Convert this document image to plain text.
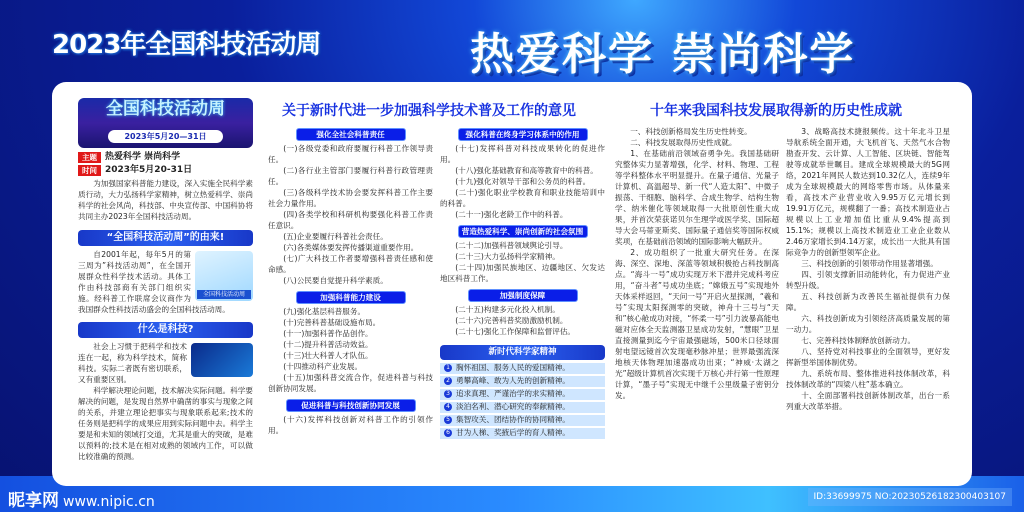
2023年全国科技活动周	热爱科学 崇尚科学
全国科技活动周
2023年5月20—31日
主题 热爱科学 崇尚科学
时间 2023年5月20-31日

为加强国家科普能力建设，深入实施全民科学素质行动，大力弘扬科学家精神，树立热爱科学、崇尚科学的社会风尚，科技部、中央宣传部、中国科协将共同主办2023年全国科技活动周。

“全国科技活动周”的由来!
全国科技活动周

自2001年起，每年5月的第三周为”科技活动周”，在全国开展群众性科学技术活动。具体工作由科技部商有关部门组织实施。经科普工作联席会议商作为我国群众性科技活动盛会的全国科技活动周。

什么是科技?

社会上习惯于把科学和技术连在一起，称为科学技术，简称科技。实际二者既有密切联系，又有重要区别。

科学解决理论问题，技术解决实际问题。科学要解决的问题，是发现自然界中确凿的事实与现象之间的关系，并建立理论把事实与现象联系起来;技术的任务则是把科学的成果应用到实际问题中去。科学主要是和未知的领域打交道，尤其是重大的突破，是难以预料的;技术是在相对成熟的领域内工作，可以做比较准确的预测。

关于新时代进一步加强科学技术普及工作的意见
强化全社会科普责任

(一)各级党委和政府要履行科普工作领导责任。

(二)各行业主管部门要履行科普行政管理责任。

(三)各级科学技术协会要发挥科普工作主要社会力量作用。

(四)各类学校和科研机构要强化科普工作责任意识。

(五)企业要履行科普社会责任。

(六)各类媒体要发挥传播渠道重要作用。

(七)广大科技工作者要增强科普责任感和使命感。

(八)公民要自觉提升科学素质。

加强科普能力建设

(九)强化基层科普服务。

(十)完善科普基础设施布局。

(十一)加强科普作品创作。

(十二)提升科普活动效益。

(十三)壮大科普人才队伍。

(十四推动科产业发展。

(十五)加强科普交流合作，促进科普与科技创新协同发展。

促进科普与科技创新协同发展

(十六)发挥科技创新对科普工作的引领作用。

强化科普在终身学习体系中的作用

(十七)发挥科普对科技成果转化的促进作用。

(十八)强化基础教育和高等教育中的科普。

(十九)强化对领导干部和公务员的科普。

(二十)强化职业学校教育和职业技能培训中的科普。

(二十一)强化老龄工作中的科普。

营造热爱科学、崇尚创新的社会氛围

(二十二)加强科普领域舆论引导。

(二十三)大力弘扬科学家精神。

(二十四)加强民族地区、边疆地区、欠发达地区科普工作。

加强制度保障

(二十五)构建多元化投入机制。

(二十六)完善科普奖励激励机制。

(二十七)强化工作保障和监督评估。

新时代科学家精神
1 胸怀祖国、服务人民的爱国精神。
2 勇攀高峰、敢为人先的创新精神。
3 追求真理、严谨治学的求实精神。
4 淡泊名利、潜心研究的奉献精神。
5 集智攻关、团结协作的协同精神。
6 甘为人梯、奖掖后学的育人精神。
十年来我国科技发展取得新的历史性成就

一、科技创新格局发生历史性转变。

二、科技发展取得历史性成就。

1、在基础前沿领域奋勇争先。我国基础研究整体实力显著增强，化学、材料、物理、工程等学科整体水平明显提升。在量子通信、光量子计算机、高温超导、新一代“人造太阳”、中微子振荡、干细胞、脑科学、合成生物学、结构生物学、纳米催化等领域取得一大批原创性重大成果，并首次荣获诺贝尔生理学或医学奖、国际超导大会马蒂亚斯奖、国际量子通信奖等国际权威奖项，在基础前沿领域的国际影响大幅跃升。

2、成功组织了一批重大研究任务。在深海、深空、深地、深蓝等领域积极抢占科技制高点。“海斗一号”成功实现万米下潜并完成科考应用，“奋斗者”号成功坐底；“嫦娥五号”实现地外天体采样返回，“天问一号”开启火星探测，“羲和号”实现太阳探测零的突破，神舟十三号与“天和”核心舱成功对接，“怀柔一号”引力波暴高能电磁对应体全天监测器卫星成功发射，“慧眼”卫星直接测量到迄今宇宙最强磁场，500米口径球面射电望远镜首次发现毫秒脉冲星；世界最强流深地核天体物理加速器成功出束；“神威·太湖之光”超级计算机首次实现千万核心并行第一性原理计算，“墨子号”实现无中继千公里级量子密钥分发。

3、战略高技术捷报频传。这十年北斗卫星导航系统全面开通，大飞机首飞、天然气水合物勘查开发、云计算、人工智能、区块链、智能驾驶等成就举世瞩目。建成全球规模最大的5G网络，2021年网民人数达到10.32亿人，连续9年成为全球规模最大的网络零售市场。从体量来看，高技术产业营业收入9.95万亿元增长到19.91万亿元，规模翻了一番；高技术制造业占规模以上工业增加值比重从9.4%提高到15.1%；规模以上高技术制造业工业企业数从2.46万家增长到4.14万家，成长出一大批具有国际竞争力的创新型领军企业。

三、科技创新的引领带动作用显著增强。

四、引领支撑新旧动能转化，有力促进产业转型升级。

五、科技创新为改善民生福祉提供有力保障。

六、科技创新成为引领经济高质量发展的第一动力。

七、完善科技体制释放创新动力。

八、坚持党对科技事业的全面领导，更好发挥新型举国体制优势。

九、系统布局、整体推进科技体制改革，科技体制改革的“四梁八柱”基本确立。

十、全面部署科技创新体制改革，出台一系列重大改革举措。

昵享网 www.nipic.cn	ID:33699975 NO:20230526182300403107
